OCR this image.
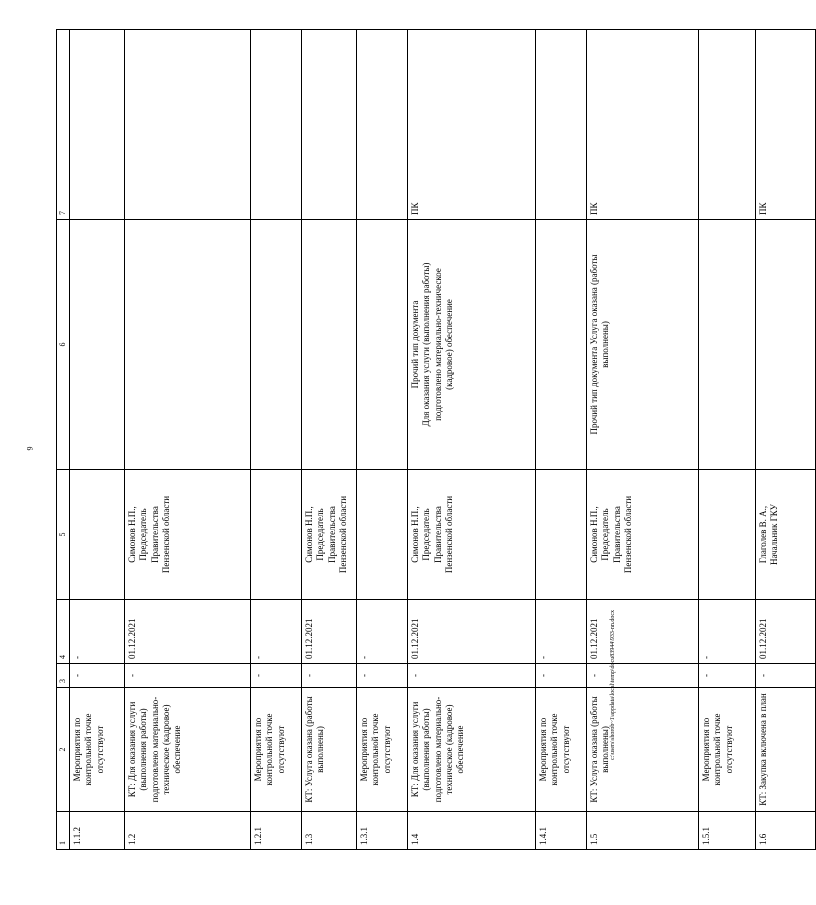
9
1	2	3	4	5	6	7
1.1.2	Мероприятия по контрольной точке отсутствуют	-	-			
1.2	КТ: Для оказания услуги (выполнения работы) подготовлено материально- техническое (кадровое) обеспечение	-	01.12.2021	Симонов Н.П., Председатель Правительства Пензенской области		

1.2.1	Мероприятия по контрольной точке отсутствуют	-	-			
1.3	КТ: Услуга оказана (работы выполнены)	-	01.12.2021	Симонов Н.П., Председатель Правительства Пензенской области		

1.3.1	Мероприятия по контрольной точке отсутствуют	-	-			
1.4	КТ: Для оказания услуги (выполнения работы) подготовлено материально- техническое (кадровое) обеспечение	-	01.12.2021	Симонов Н.П., Председатель Правительства Пензенской области	Прочий тип документа Для оказания услуги (выполнения работы) подготовлено материально-техническое (кадровое) обеспечение	ПК
1.4.1	Мероприятия по контрольной точке отсутствуют	-	-			
1.5	КТ: Услуга оказана (работы выполнены)	-	01.12.2021	Симонов Н.П., Председатель Правительства Пензенской области	Прочий тип документа Услуга оказана (работы выполнены)	ПК
1.5.1	Мероприятия по контрольной точке отсутствуют	-	-			
1.6	КТ: Закупка включена в план	-	01.12.2021	Глаголев В. А., Начальник ГКУ		ПК
c:\users\shorob~1\appdata\local\temp\docu83944\933-nn.docx
